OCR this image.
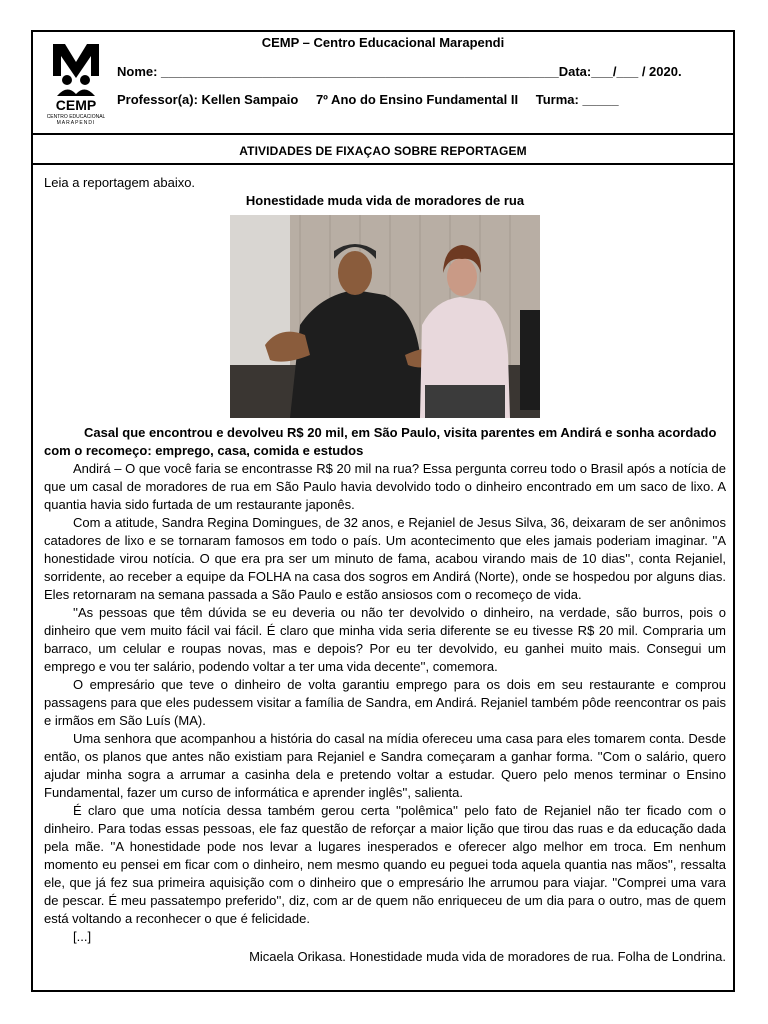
CEMP
CENTRO EDUCACIONAL
MARAPENDI
CEMP – Centro Educacional Marapendi
Nome: _______________________________________________________Data:___/___ / 2020.
Professor(a): Kellen Sampaio 7º Ano do Ensino Fundamental II Turma: _____
ATIVIDADES DE FIXAÇAO SOBRE REPORTAGEM

Leia a reportagem abaixo.

Honestidade muda vida de moradores de rua

Casal que encontrou e devolveu R$ 20 mil, em São Paulo, visita parentes em Andirá e sonha acordado com o recomeço: emprego, casa, comida e estudos

Andirá – O que você faria se encontrasse R$ 20 mil na rua? Essa pergunta correu todo o Brasil após a notícia de que um casal de moradores de rua em São Paulo havia devolvido todo o dinheiro encontrado em um saco de lixo. A quantia havia sido furtada de um restaurante japonês.

Com a atitude, Sandra Regina Domingues, de 32 anos, e Rejaniel de Jesus Silva, 36, deixaram de ser anônimos catadores de lixo e se tornaram famosos em todo o país. Um acontecimento que eles jamais poderiam imaginar. ''A honestidade virou notícia. O que era pra ser um minuto de fama, acabou virando mais de 10 dias'', conta Rejaniel, sorridente, ao receber a equipe da FOLHA na casa dos sogros em Andirá (Norte), onde se hospedou por alguns dias. Eles retornaram na semana passada a São Paulo e estão ansiosos com o recomeço de vida.

''As pessoas que têm dúvida se eu deveria ou não ter devolvido o dinheiro, na verdade, são burros, pois o dinheiro que vem muito fácil vai fácil. É claro que minha vida seria diferente se eu tivesse R$ 20 mil. Compraria um barraco, um celular e roupas novas, mas e depois? Por eu ter devolvido, eu ganhei muito mais. Consegui um emprego e vou ter salário, podendo voltar a ter uma vida decente'', comemora.

O empresário que teve o dinheiro de volta garantiu emprego para os dois em seu restaurante e comprou passagens para que eles pudessem visitar a família de Sandra, em Andirá. Rejaniel também pôde reencontrar os pais e irmãos em São Luís (MA).

Uma senhora que acompanhou a história do casal na mídia ofereceu uma casa para eles tomarem conta. Desde então, os planos que antes não existiam para Rejaniel e Sandra começaram a ganhar forma. ''Com o salário, quero ajudar minha sogra a arrumar a casinha dela e pretendo voltar a estudar. Quero pelo menos terminar o Ensino Fundamental, fazer um curso de informática e aprender inglês'', salienta.

É claro que uma notícia dessa também gerou certa ''polêmica'' pelo fato de Rejaniel não ter ficado com o dinheiro. Para todas essas pessoas, ele faz questão de reforçar a maior lição que tirou das ruas e da educação dada pela mãe. ''A honestidade pode nos levar a lugares inesperados e oferecer algo melhor em troca. Em nenhum momento eu pensei em ficar com o dinheiro, nem mesmo quando eu peguei toda aquela quantia nas mãos'', ressalta ele, que já fez sua primeira aquisição com o dinheiro que o empresário lhe arrumou para viajar. ''Comprei uma vara de pescar. É meu passatempo preferido'', diz, com ar de quem não enriqueceu de um dia para o outro, mas de quem está voltando a reconhecer o que é felicidade.

[...]

Micaela Orikasa. Honestidade muda vida de moradores de rua. Folha de Londrina.
